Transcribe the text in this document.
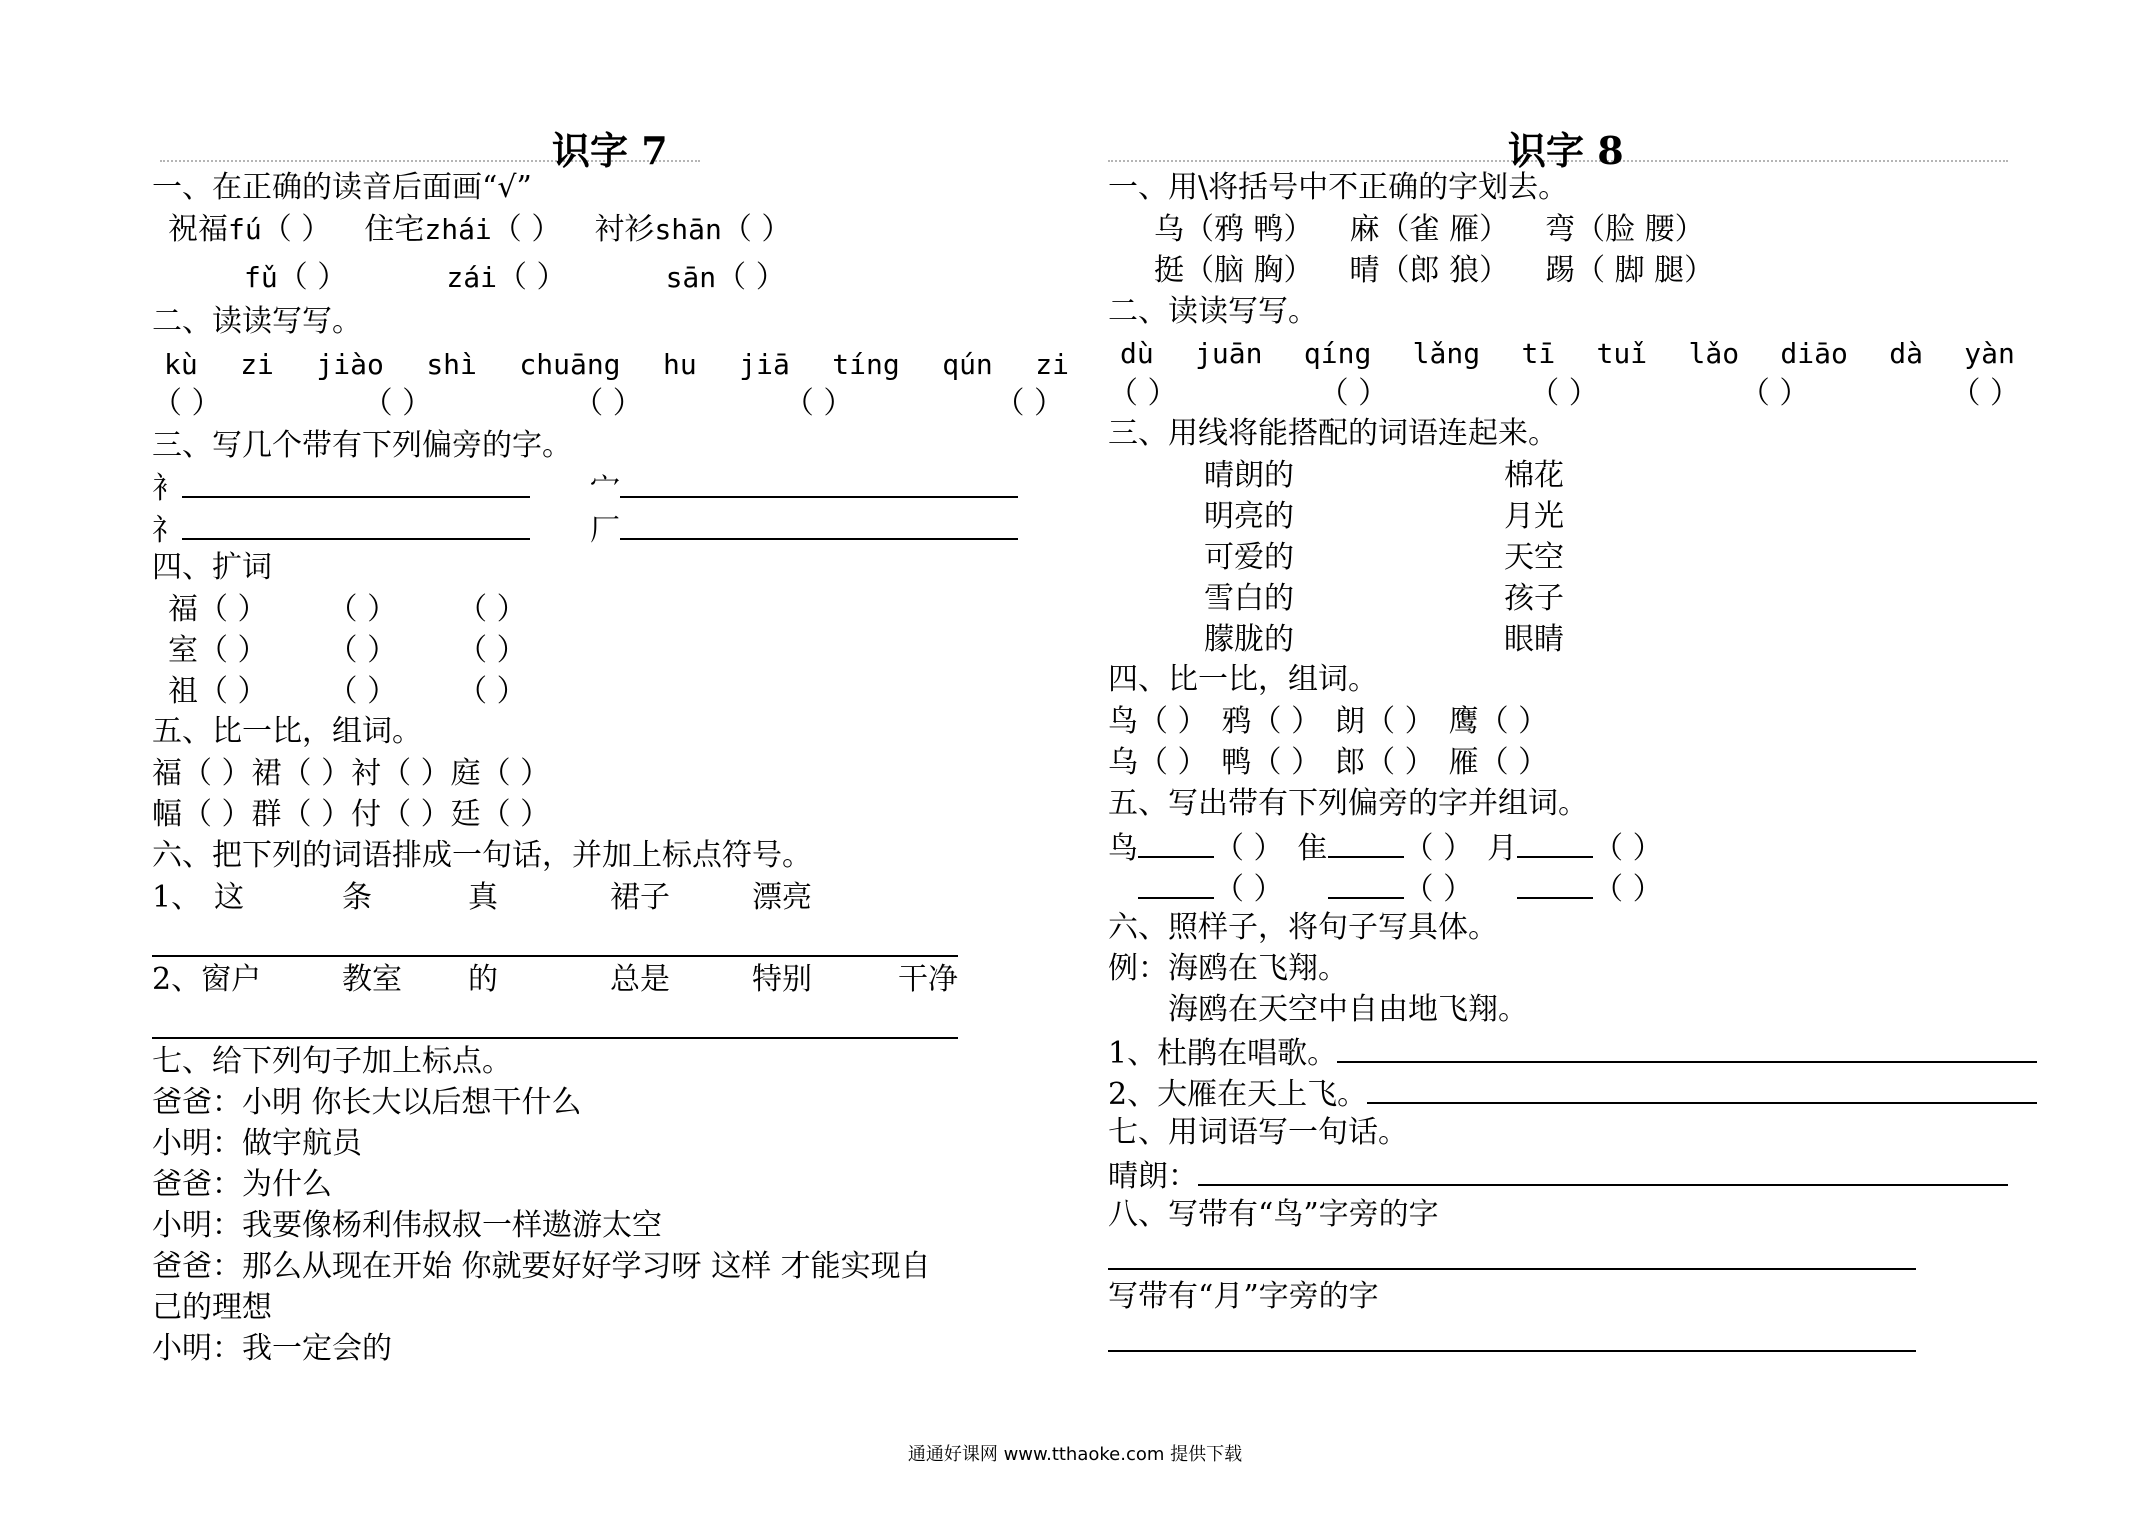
识字 7
一、在正确的读音后面画“√”
祝福fú（ ） 住宅zhái（ ） 衬衫shān（ ）
fǔ（ ）	zái（ ）	sān（ ）
二、读读写写。
kù zi jiào shì chuāng hu jiā tíng qún zi
（ ）	（ ）	（ ）	（ ）	（ ）
三、写几个带有下列偏旁的字。
衤	宀
礻	厂
四、扩词
福（ ） （ ） （ ）
室（ ） （ ） （ ）
祖（ ） （ ） （ ）
五、比一比，组词。
福（ ）裙（ ）衬（ ）庭（ ）
幅（ ）群（ ）付（ ）廷（ ）
六、把下列的词语排成一句话，并加上标点符号。
1、 这	条	真	裙子	漂亮
2、窗户	教室 的	总是	特别	干净
七、给下列句子加上标点。
爸爸：小明 你长大以后想干什么
小明：做宇航员
爸爸：为什么
小明：我要像杨利伟叔叔一样遨游太空
爸爸：那么从现在开始 你就要好好学习呀 这样 才能实现自
己的理想
小明：我一定会的
识字 8
一、用\将括号中不正确的字划去。
乌（鸦 鸭） 麻（雀 雁） 弯（脸 腰）
挺（脑 胸） 晴（郎 狼） 踢（ 脚 腿）
二、读读写写。
dù juān qíng lǎng tī tuǐ lǎo diāo dà yàn
（ ）	（ ）	（ ）	（ ）	（ ）
三、用线将能搭配的词语连起来。
晴朗的	棉花
明亮的	月光
可爱的	天空
雪白的	孩子
朦胧的	眼睛
四、比一比，组词。
鸟（ ） 鸦（ ） 朗（ ） 鹰（ ）
乌（ ） 鸭（ ） 郎（ ） 雁（ ）
五、写出带有下列偏旁的字并组词。
鸟	（ ） 隹	（ ） 月	（ ）
（ ）	（ ）	（ ）
六、照样子，将句子写具体。
例：海鸥在飞翔。
海鸥在天空中自由地飞翔。
1、杜鹃在唱歌。
2、大雁在天上飞。
七、用词语写一句话。
晴朗：
八、写带有“鸟”字旁的字
写带有“月”字旁的字
通通好课网 www.tthaoke.com 提供下载
